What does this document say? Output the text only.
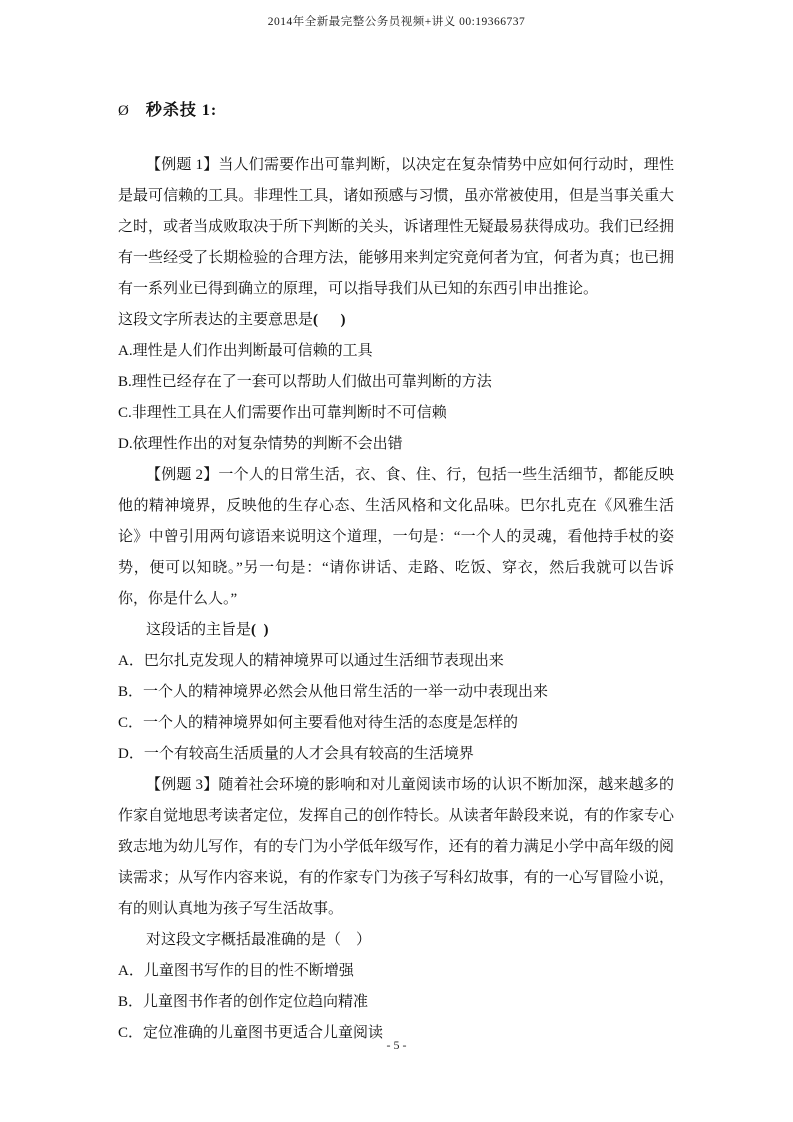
2014年全新最完整公务员视频+讲义 00:19366737
Ø 秒杀技 1:

【例题 1】当人们需要作出可靠判断，以决定在复杂情势中应如何行动时，理性是最可信赖的工具。非理性工具，诸如预感与习惯，虽亦常被使用，但是当事关重大之时，或者当成败取决于所下判断的关头，诉诸理性无疑最易获得成功。我们已经拥有一些经受了长期检验的合理方法，能够用来判定究竟何者为宜，何者为真；也已拥有一系列业已得到确立的原理，可以指导我们从已知的东西引申出推论。

这段文字所表达的主要意思是(      )

A.理性是人们作出判断最可信赖的工具

B.理性已经存在了一套可以帮助人们做出可靠判断的方法

C.非理性工具在人们需要作出可靠判断时不可信赖

D.依理性作出的对复杂情势的判断不会出错

【例题 2】一个人的日常生活，衣、食、住、行，包括一些生活细节，都能反映他的精神境界，反映他的生存心态、生活风格和文化品味。巴尔扎克在《风雅生活论》中曾引用两句谚语来说明这个道理，一句是：“一个人的灵魂，看他持手杖的姿势，便可以知晓。”另一句是：“请你讲话、走路、吃饭、穿衣，然后我就可以告诉你，你是什么人。”

这段话的主旨是(  )

A．巴尔扎克发现人的精神境界可以通过生活细节表现出来

B．一个人的精神境界必然会从他日常生活的一举一动中表现出来

C．一个人的精神境界如何主要看他对待生活的态度是怎样的

D．一个有较高生活质量的人才会具有较高的生活境界

【例题 3】随着社会环境的影响和对儿童阅读市场的认识不断加深，越来越多的作家自觉地思考读者定位，发挥自己的创作特长。从读者年龄段来说，有的作家专心致志地为幼儿写作，有的专门为小学低年级写作，还有的着力满足小学中高年级的阅读需求；从写作内容来说，有的作家专门为孩子写科幻故事，有的一心写冒险小说，有的则认真地为孩子写生活故事。

对这段文字概括最准确的是（    ）

A．儿童图书写作的目的性不断增强

B．儿童图书作者的创作定位趋向精准

C．定位准确的儿童图书更适合儿童阅读

- 5 -
